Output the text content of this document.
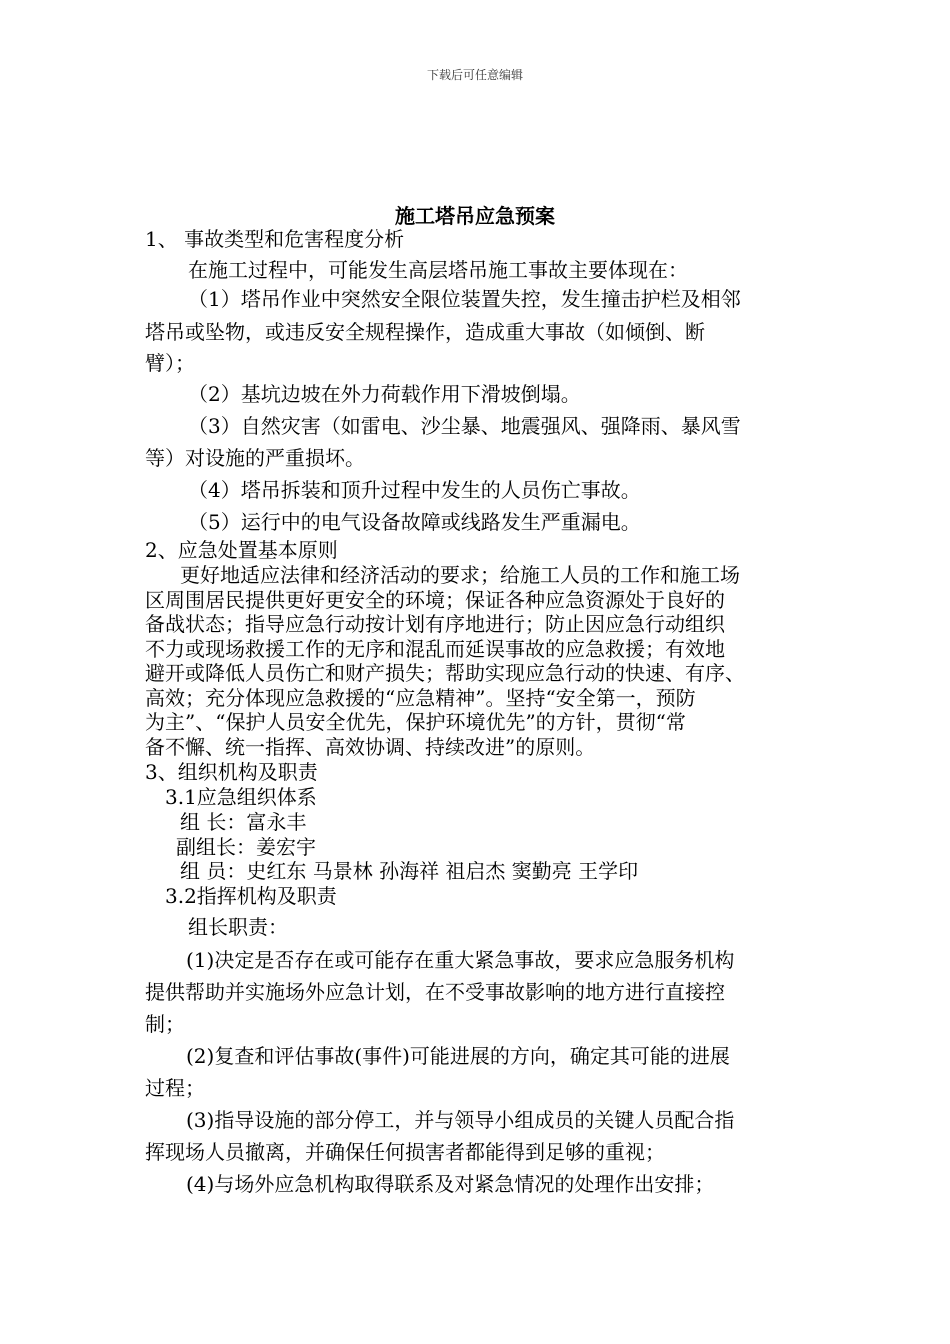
下载后可任意编辑
施工塔吊应急预案
1、 事故类型和危害程度分析
在施工过程中，可能发生高层塔吊施工事故主要体现在：
（1）塔吊作业中突然安全限位装置失控，发生撞击护栏及相邻
塔吊或坠物，或违反安全规程操作，造成重大事故（如倾倒、断
臂）；
（2）基坑边坡在外力荷载作用下滑坡倒塌。
（3）自然灾害（如雷电、沙尘暴、地震强风、强降雨、暴风雪
等）对设施的严重损坏。
（4）塔吊拆装和顶升过程中发生的人员伤亡事故。
（5）运行中的电气设备故障或线路发生严重漏电。
2、应急处置基本原则
更好地适应法律和经济活动的要求；给施工人员的工作和施工场
区周围居民提供更好更安全的环境；保证各种应急资源处于良好的
备战状态；指导应急行动按计划有序地进行；防止因应急行动组织
不力或现场救援工作的无序和混乱而延误事故的应急救援；有效地
避开或降低人员伤亡和财产损失；帮助实现应急行动的快速、有序、
高效；充分体现应急救援的“应急精神”。坚持“安全第一，预防
为主”、“保护人员安全优先，保护环境优先”的方针，贯彻“常
备不懈、统一指挥、高效协调、持续改进”的原则。
3、组织机构及职责
3.1应急组织体系
组 长：富永丰
副组长：姜宏宇
组 员：史红东 马景林 孙海祥 祖启杰 窦勤亮 王学印
3.2指挥机构及职责
组长职责：
(1)决定是否存在或可能存在重大紧急事故，要求应急服务机构
提供帮助并实施场外应急计划，在不受事故影响的地方进行直接控
制；
(2)复查和评估事故(事件)可能进展的方向，确定其可能的进展
过程；
(3)指导设施的部分停工，并与领导小组成员的关键人员配合指
挥现场人员撤离，并确保任何损害者都能得到足够的重视；
(4)与场外应急机构取得联系及对紧急情况的处理作出安排；
